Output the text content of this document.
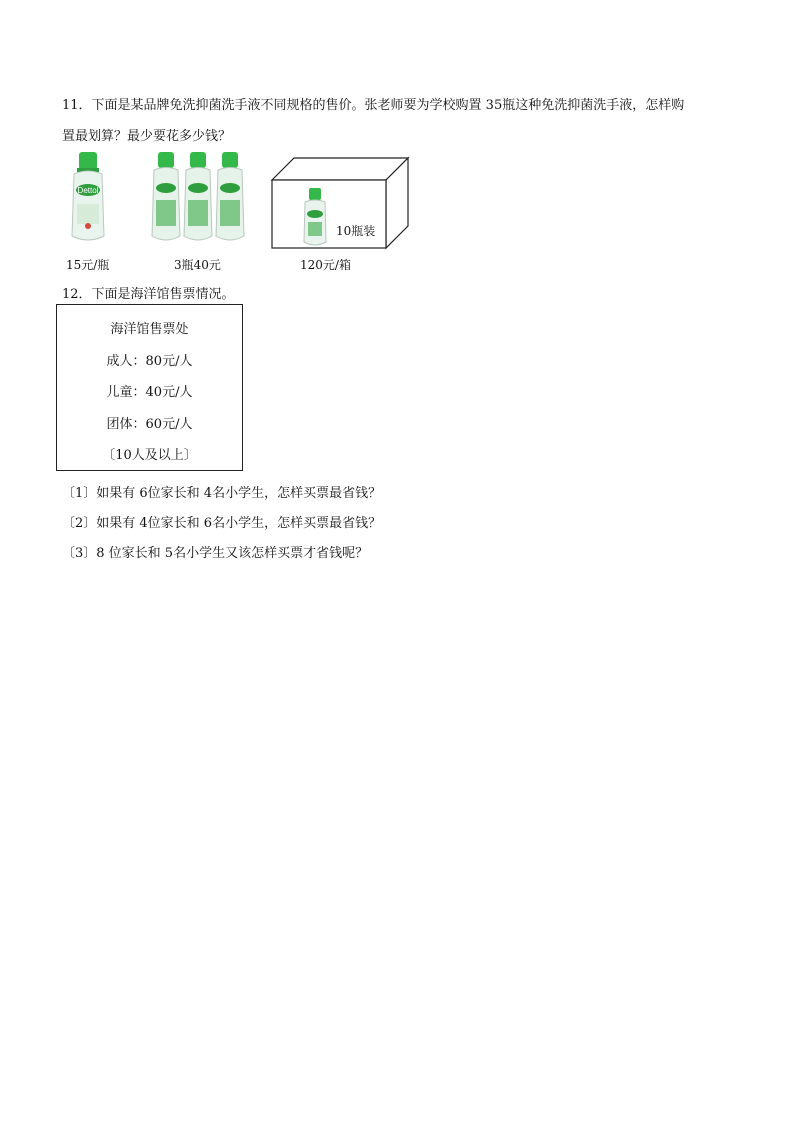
11．下面是某品牌免洗抑菌洗手液不同规格的售价。张老师要为学校购置 35瓶这种免洗抑菌洗手液，怎样购
置最划算？最少要花多少钱？
Dettol
15元/瓶	3瓶40元
10瓶装
120元/箱
12．下面是海洋馆售票情况。
海洋馆售票处
成人：80元/人
儿童：40元/人
团体：60元/人
〔10人及以上〕
〔1〕如果有 6位家长和 4名小学生，怎样买票最省钱？
〔2〕如果有 4位家长和 6名小学生，怎样买票最省钱？
〔3〕8 位家长和 5名小学生又该怎样买票才省钱呢？
